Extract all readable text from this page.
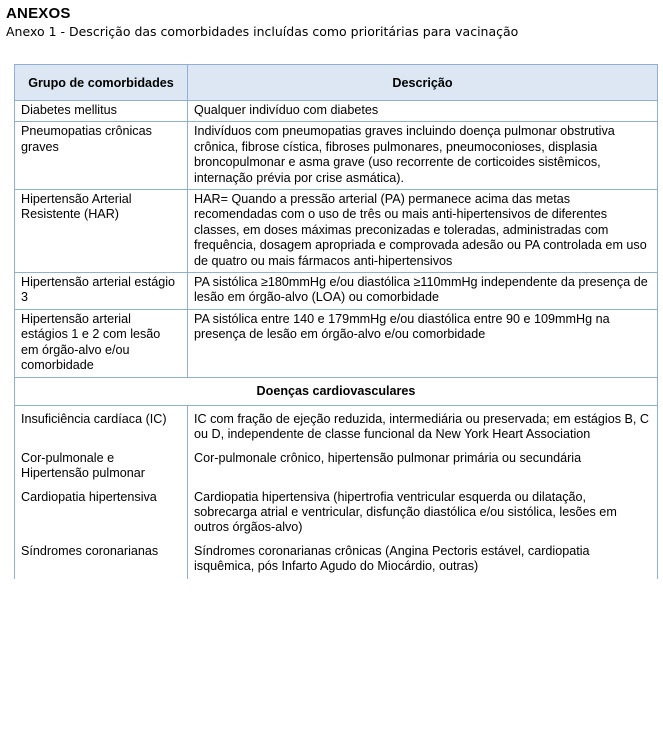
ANEXOS

Anexo 1 - Descrição das comorbidades incluídas como prioritárias para vacinação

Grupo de comorbidades	Descrição
Diabetes mellitus	Qualquer indivíduo com diabetes
Pneumopatias crônicas graves	Indivíduos com pneumopatias graves incluindo doença pulmonar obstrutiva crônica, fibrose cística, fibroses pulmonares, pneumoconioses, displasia broncopulmonar e asma grave (uso recorrente de corticoides sistêmicos, internação prévia por crise asmática).
Hipertensão Arterial Resistente (HAR)	HAR= Quando a pressão arterial (PA) permanece acima das metas recomendadas com o uso de três ou mais anti-hipertensivos de diferentes classes, em doses máximas preconizadas e toleradas, administradas com frequência, dosagem apropriada e comprovada adesão ou PA controlada em uso de quatro ou mais fármacos anti-hipertensivos
Hipertensão arterial estágio 3	PA sistólica ≥180mmHg e/ou diastólica ≥110mmHg independente da presença de lesão em órgão-alvo (LOA) ou comorbidade
Hipertensão arterial estágios 1 e 2 com lesão em órgão-alvo e/ou comorbidade	PA sistólica entre 140 e 179mmHg e/ou diastólica entre 90 e 109mmHg na presença de lesão em órgão-alvo e/ou comorbidade
Doenças cardiovasculares	
Insuficiência cardíaca (IC)	IC com fração de ejeção reduzida, intermediária ou preservada; em estágios B, C ou D, independente de classe funcional da New York Heart Association
Cor-pulmonale e Hipertensão pulmonar	Cor-pulmonale crônico, hipertensão pulmonar primária ou secundária
Cardiopatia hipertensiva	Cardiopatia hipertensiva (hipertrofia ventricular esquerda ou dilatação, sobrecarga atrial e ventricular, disfunção diastólica e/ou sistólica, lesões em outros órgãos-alvo)
Síndromes coronarianas	Síndromes coronarianas crônicas (Angina Pectoris estável, cardiopatia isquêmica, pós Infarto Agudo do Miocárdio, outras)
